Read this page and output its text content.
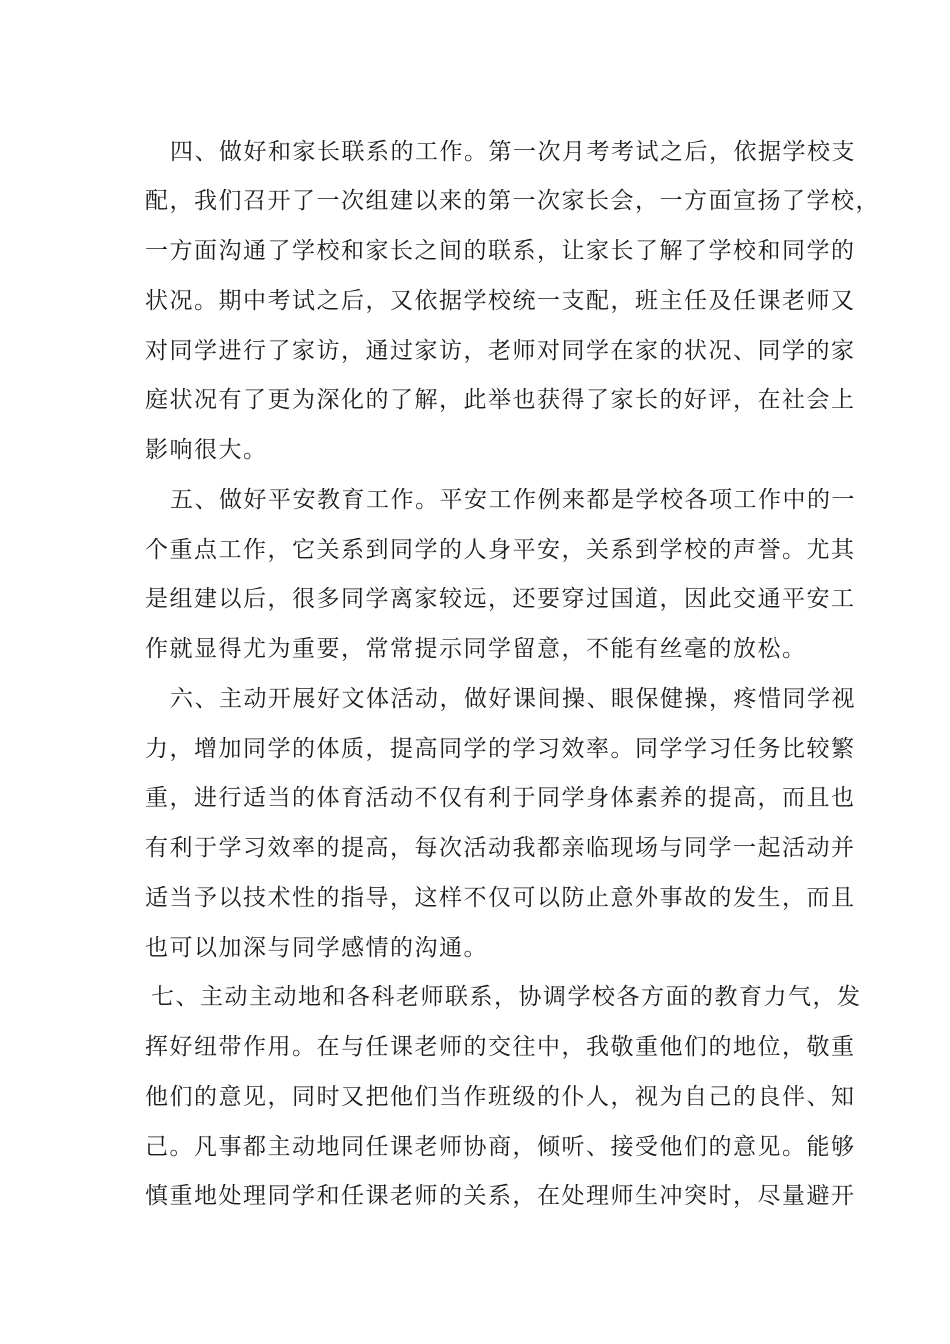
四、做好和家长联系的工作。第一次月考考试之后，依据学校支
配，我们召开了一次组建以来的第一次家长会，一方面宣扬了学校，
一方面沟通了学校和家长之间的联系，让家长了解了学校和同学的
状况。期中考试之后，又依据学校统一支配，班主任及任课老师又
对同学进行了家访，通过家访，老师对同学在家的状况、同学的家
庭状况有了更为深化的了解，此举也获得了家长的好评，在社会上
影响很大。
五、做好平安教育工作。平安工作例来都是学校各项工作中的一
个重点工作，它关系到同学的人身平安，关系到学校的声誉。尤其
是组建以后，很多同学离家较远，还要穿过国道，因此交通平安工
作就显得尤为重要，常常提示同学留意，不能有丝毫的放松。
六、主动开展好文体活动，做好课间操、眼保健操，疼惜同学视
力，增加同学的体质，提高同学的学习效率。同学学习任务比较繁
重，进行适当的体育活动不仅有利于同学身体素养的提高，而且也
有利于学习效率的提高，每次活动我都亲临现场与同学一起活动并
适当予以技术性的指导，这样不仅可以防止意外事故的发生，而且
也可以加深与同学感情的沟通。
七、主动主动地和各科老师联系，协调学校各方面的教育力气，发
挥好纽带作用。在与任课老师的交往中，我敬重他们的地位，敬重
他们的意见，同时又把他们当作班级的仆人，视为自己的良伴、知
己。凡事都主动地同任课老师协商，倾听、接受他们的意见。能够
慎重地处理同学和任课老师的关系，在处理师生冲突时，尽量避开
